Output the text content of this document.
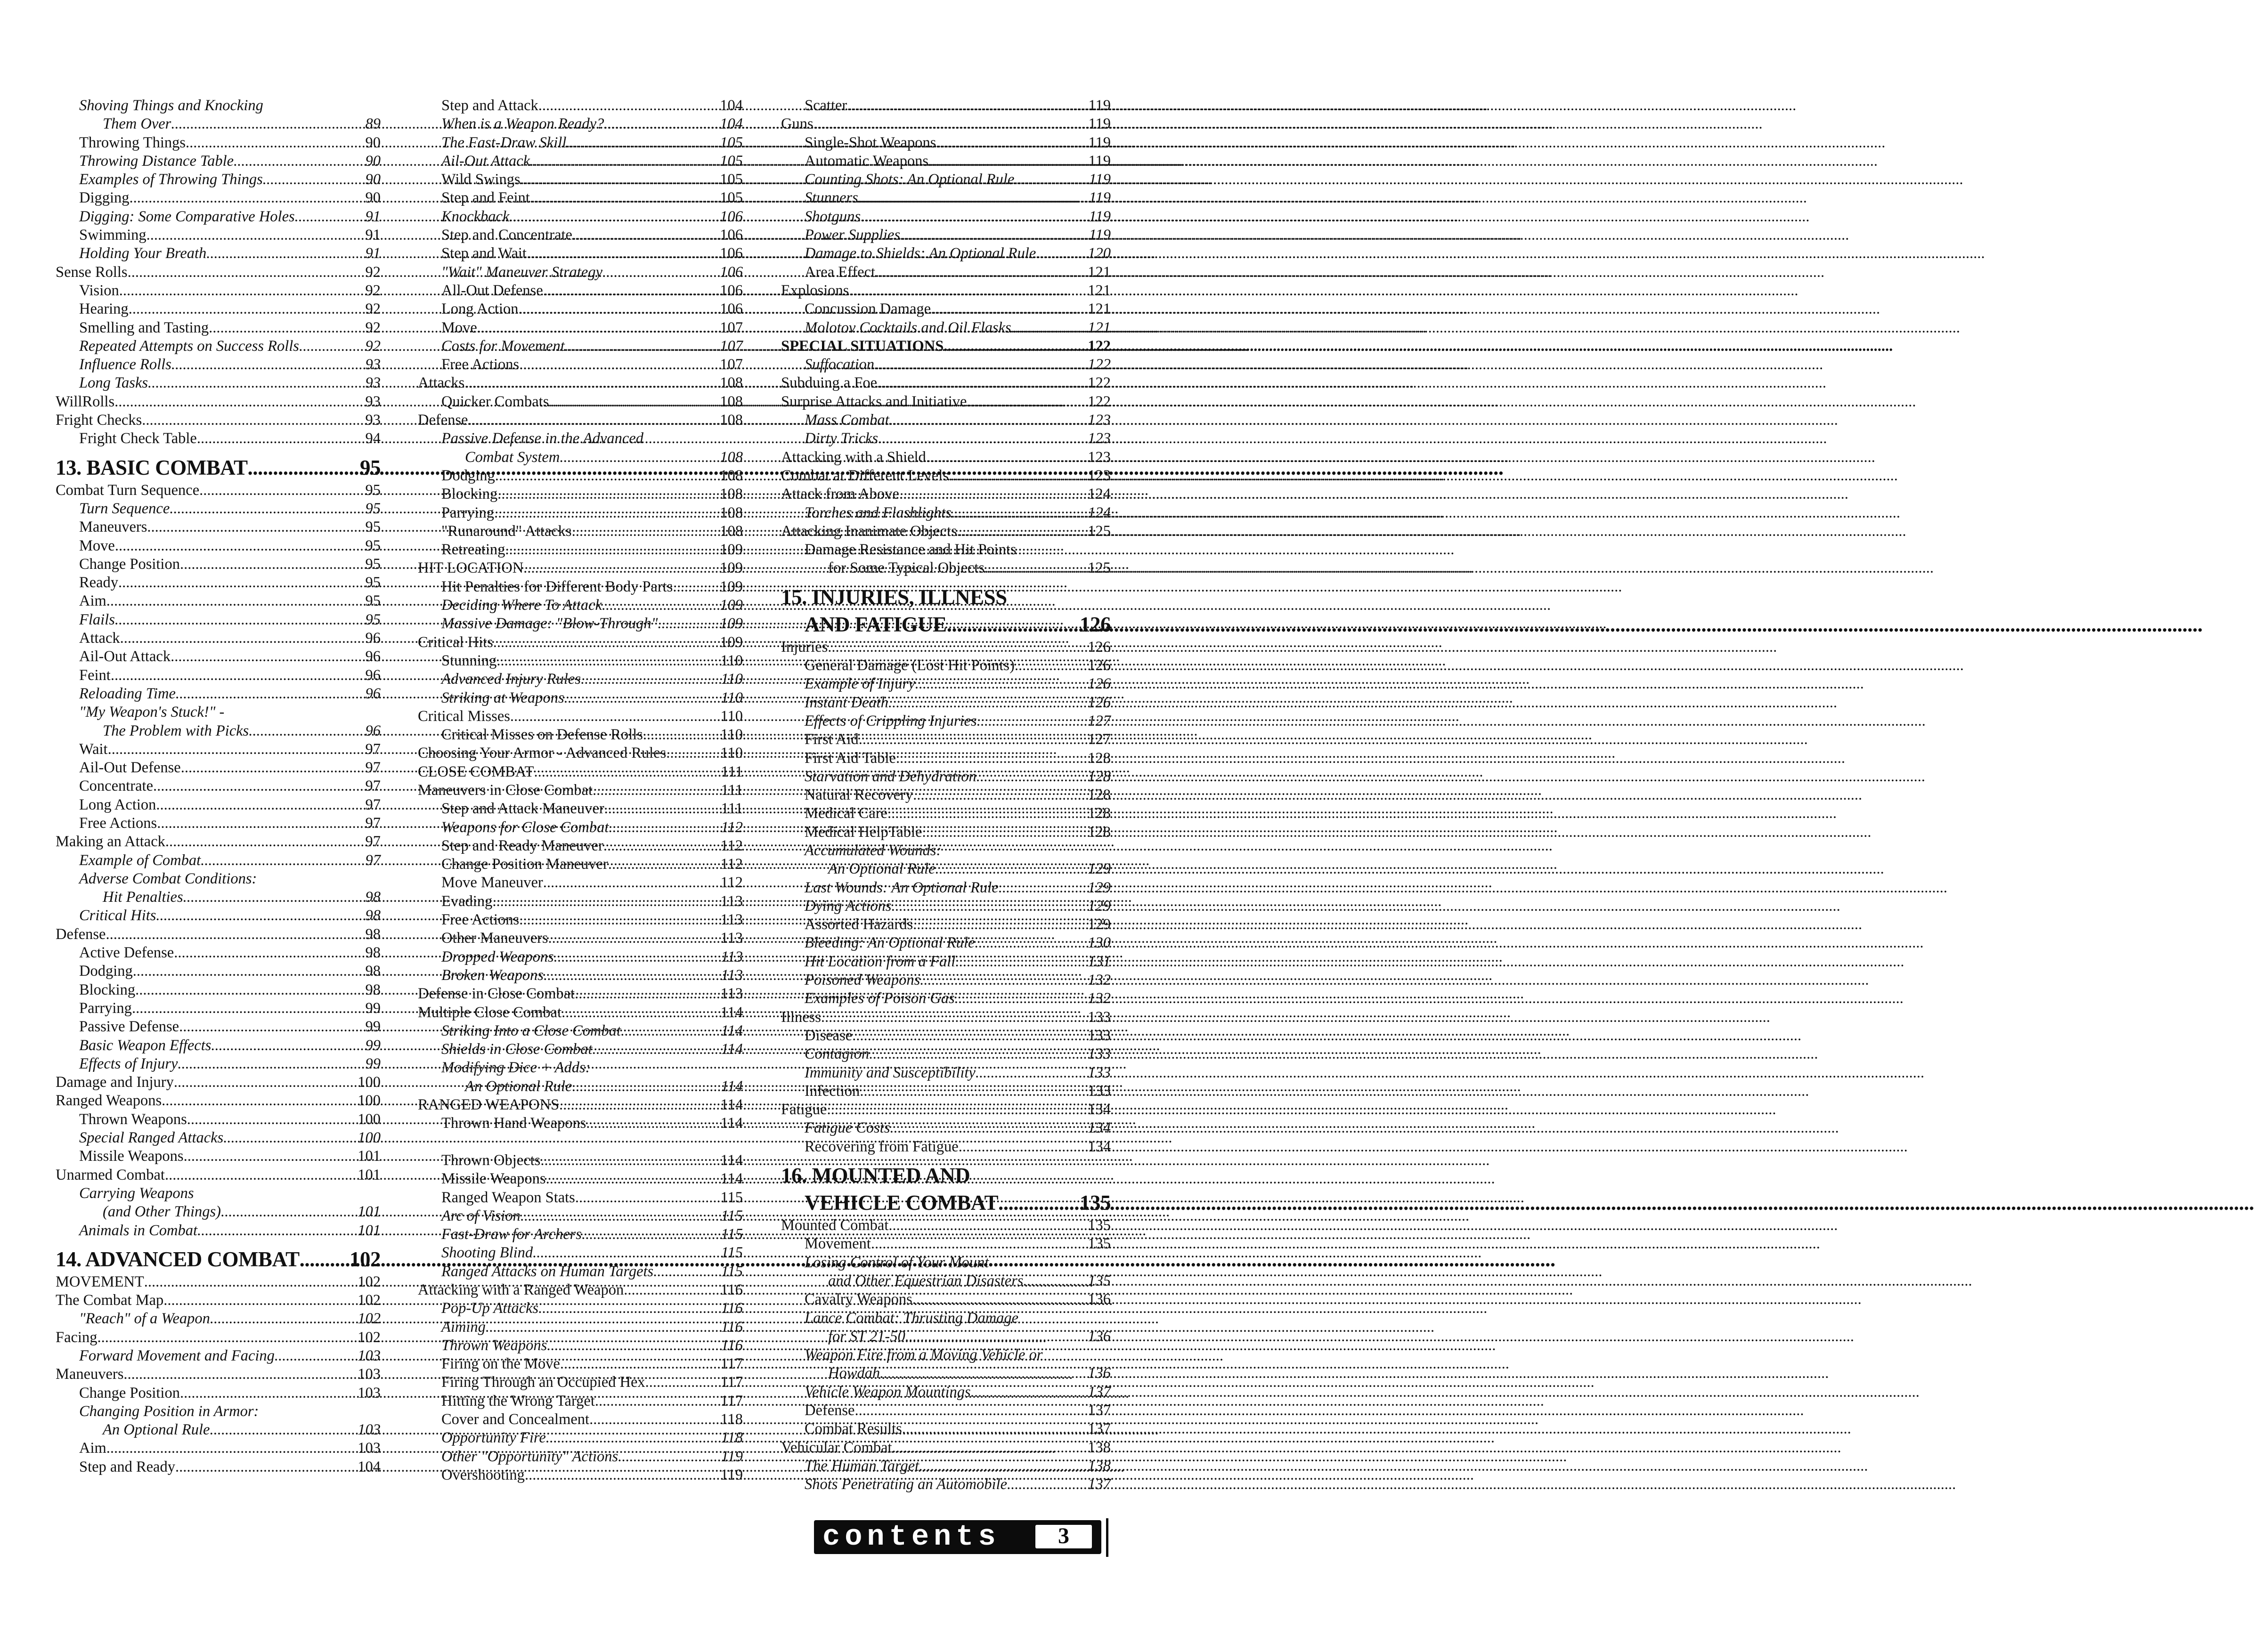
Shoving Things and Knocking
Them Over .....	89
Throwing Things .....	90
Throwing Distance Table .....	90
Examples of Throwing Things .....	90
Digging .....	90
Digging: Some Comparative Holes .....	91
Swimming .....	91
Holding Your Breath .....	91
Sense Rolls .....	92
Vision .....	92
Hearing .....	92
Smelling and Tasting .....	92
Repeated Attempts on Success Rolls .....	92
Influence Rolls .....	93
Long Tasks .....	93
WillRolls .....	93
Fright Checks .....	93
Fright Check Table .....	94
13. BASIC COMBAT .....	95
Combat Turn Sequence .....	95
Turn Sequence .....	95
Maneuvers .....	95
Move .....	95
Change Position .....	95
Ready .....	95
Aim .....	95
Flails .....	95
Attack .....	96
Ail-Out Attack .....	96
Feint .....	96
Reloading Time .....	96
"My Weapon's Stuck!" -
The Problem with Picks .....	96
Wait .....	97
Ail-Out Defense .....	97
Concentrate .....	97
Long Action .....	97
Free Actions .....	97
Making an Attack .....	97
Example of Combat .....	97
Adverse Combat Conditions:
Hit Penalties .....	98
Critical Hits .....	98
Defense .....	98
Active Defense .....	98
Dodging .....	98
Blocking .....	98
Parrying .....	99
Passive Defense .....	99
Basic Weapon Effects .....	99
Effects of Injury .....	99
Damage and Injury .....	100
Ranged Weapons .....	100
Thrown Weapons .....	100
Special Ranged Attacks .....	100
Missile Weapons .....	101
Unarmed Combat .....	101
Carrying Weapons
(and Other Things) .....	101
Animals in Combat .....	101
14. ADVANCED COMBAT ..... 102
MOVEMENT .....	102
The Combat Map .....	102
"Reach" of a Weapon .....	102
Facing .....	102
Forward Movement and Facing .....	103
Maneuvers .....	103
Change Position .....	103
Changing Position in Armor:
An Optional Rule .....	103
Aim .....	103
Step and Ready .....	104
Step and Attack .....	104
When is a Weapon Ready? .....	104
The Fast-Draw Skill .....	105
Ail-Out Attack .....	105
Wild Swings .....	105
Step and Feint .....	105
Knockback .....	106
Step and Concentrate .....	106
Step and Wait .....	106
"Wait" Maneuver Strategy .....	106
All-Out Defense .....	106
Long Action .....	106
Move .....	107
Costs for Movement .....	107
Free Actions .....	107
Attacks .....	108
Quicker Combats .....	108
Defense .....	108
Passive Defense in the Advanced
Combat System .....	108
Dodging .....	108
Blocking .....	108
Parrying .....	108
"Runaround" Attacks .....	108
Retreating .....	109
HIT LOCATION .....	109
Hit Penalties for Different Body Parts .....	109
Deciding Where To Attack .....	109
Massive Damage: "Blow-Through" .....	109
Critical Hits .....	109
Stunning .....	110
Advanced Injury Rules .....	110
Striking at Weapons .....	110
Critical Misses .....	110
Critical Misses on Defense Rolls .....	110
Choosing Your Armor - Advanced Rules .....	110
CLOSE COMBAT .....	111
Maneuvers in Close Combat .....	111
Step and Attack Maneuver .....	111
Weapons for Close Combat .....	112
Step and Ready Maneuver .....	112
Change Position Maneuver .....	112
Move Maneuver .....	112
Evading .....	113
Free Actions .....	113
Other Maneuvers .....	113
Dropped Weapons .....	113
Broken Weapons .....	113
Defense in Close Combat .....	113
Multiple Close Combat .....	114
Striking Into a Close Combat .....	114
Shields in Close Combat .....	114
Modifying Dice + Adds:
An Optional Rule .....	114
RANGED WEAPONS .....	114
Thrown Hand Weapons .....	114
Thrown Objects .....	114
Missile Weapons .....	114
Ranged Weapon Stats .....	115
Arc of Vision .....	115
Fast-Draw for Archers .....	115
Shooting Blind .....	115
Ranged Attacks on Human Targets .....	115
Attacking with a Ranged Weapon .....	116
Pop-Up Attacks .....	116
Aiming .....	116
Thrown Weapons .....	116
Firing on the Move .....	117
Firing Through an Occupied Hex .....	117
Hitting the Wrong Target .....	117
Cover and Concealment .....	118
Opportunity Fire .....	118
Other "Opportunity" Actions .....	119
Overshooting .....	119
Scatter .....	119
Guns .....	119
Single-Shot Weapons .....	119
Automatic Weapons .....	119
Counting Shots: An Optional Rule .....	119
Stunners .....	119
Shotguns .....	119
Power Supplies .....	119
Damage to Shields: An Optional Rule .....	120
Area Effect .....	121
Explosions .....	121
Concussion Damage .....	121
Molotov Cocktails and Oil Flasks .....	121
SPECIAL SITUATIONS .....	122
Suffocation .....	122
Subduing a Foe .....	122
Surprise Attacks and Initiative .....	122
Mass Combat .....	123
Dirty Tricks .....	123
Attacking with a Shield .....	123
Combat at Different Levels .....	123
Attack from Above .....	124
Torches and Flashlights .....	124
Attacking Inanimate Objects .....	125
Damage Resistance and Hit Points
for Some Typical Objects .....	125
15. INJURIES, ILLNESS
AND FATIGUE .....	126
Injuries .....	126
General Damage (Lost Hit Points) .....	126
Example of Injury .....	126
Instant Death .....	126
Effects of Crippling Injuries .....	127
First Aid .....	127
First Aid Table .....	128
Starvation and Dehydration .....	128
Natural Recovery .....	128
Medical Care .....	128
Medical HelpTable .....	128
Accumulated Wounds:
An Optional Rule .....	129
Last Wounds: An Optional Rule .....	129
Dying Actions .....	129
Assorted Hazards .....	129
Bleeding: An Optional Rule .....	130
Hit Location from a Fall .....	131
Poisoned Weapons .....	132
Examples of Poison Gas .....	132
Illness .....	133
Disease .....	133
Contagion .....	133
Immunity and Susceptibility .....	133
Infection .....	133
Fatigue .....	134
Fatigue Costs .....	134
Recovering from Fatigue .....	134
16. MOUNTED AND
VEHICLE COMBAT .....	135
Mounted Combat .....	135
Movement .....	135
Losing Control of Your Mount
and Other Equestrian Disasters .....	135
Cavalry Weapons .....	136
Lance Combat: Thrusting Damage
for ST 21-50 .....	136
Weapon Fire from a Moving Vehicle or
Howdah .....	136
Vehicle Weapon Mountings .....	137
Defense .....	137
Combat Results .....	137
Vehicular Combat .....	138
The Human Target .....	138
Shots Penetrating an Automobile .....	137
contents	3
